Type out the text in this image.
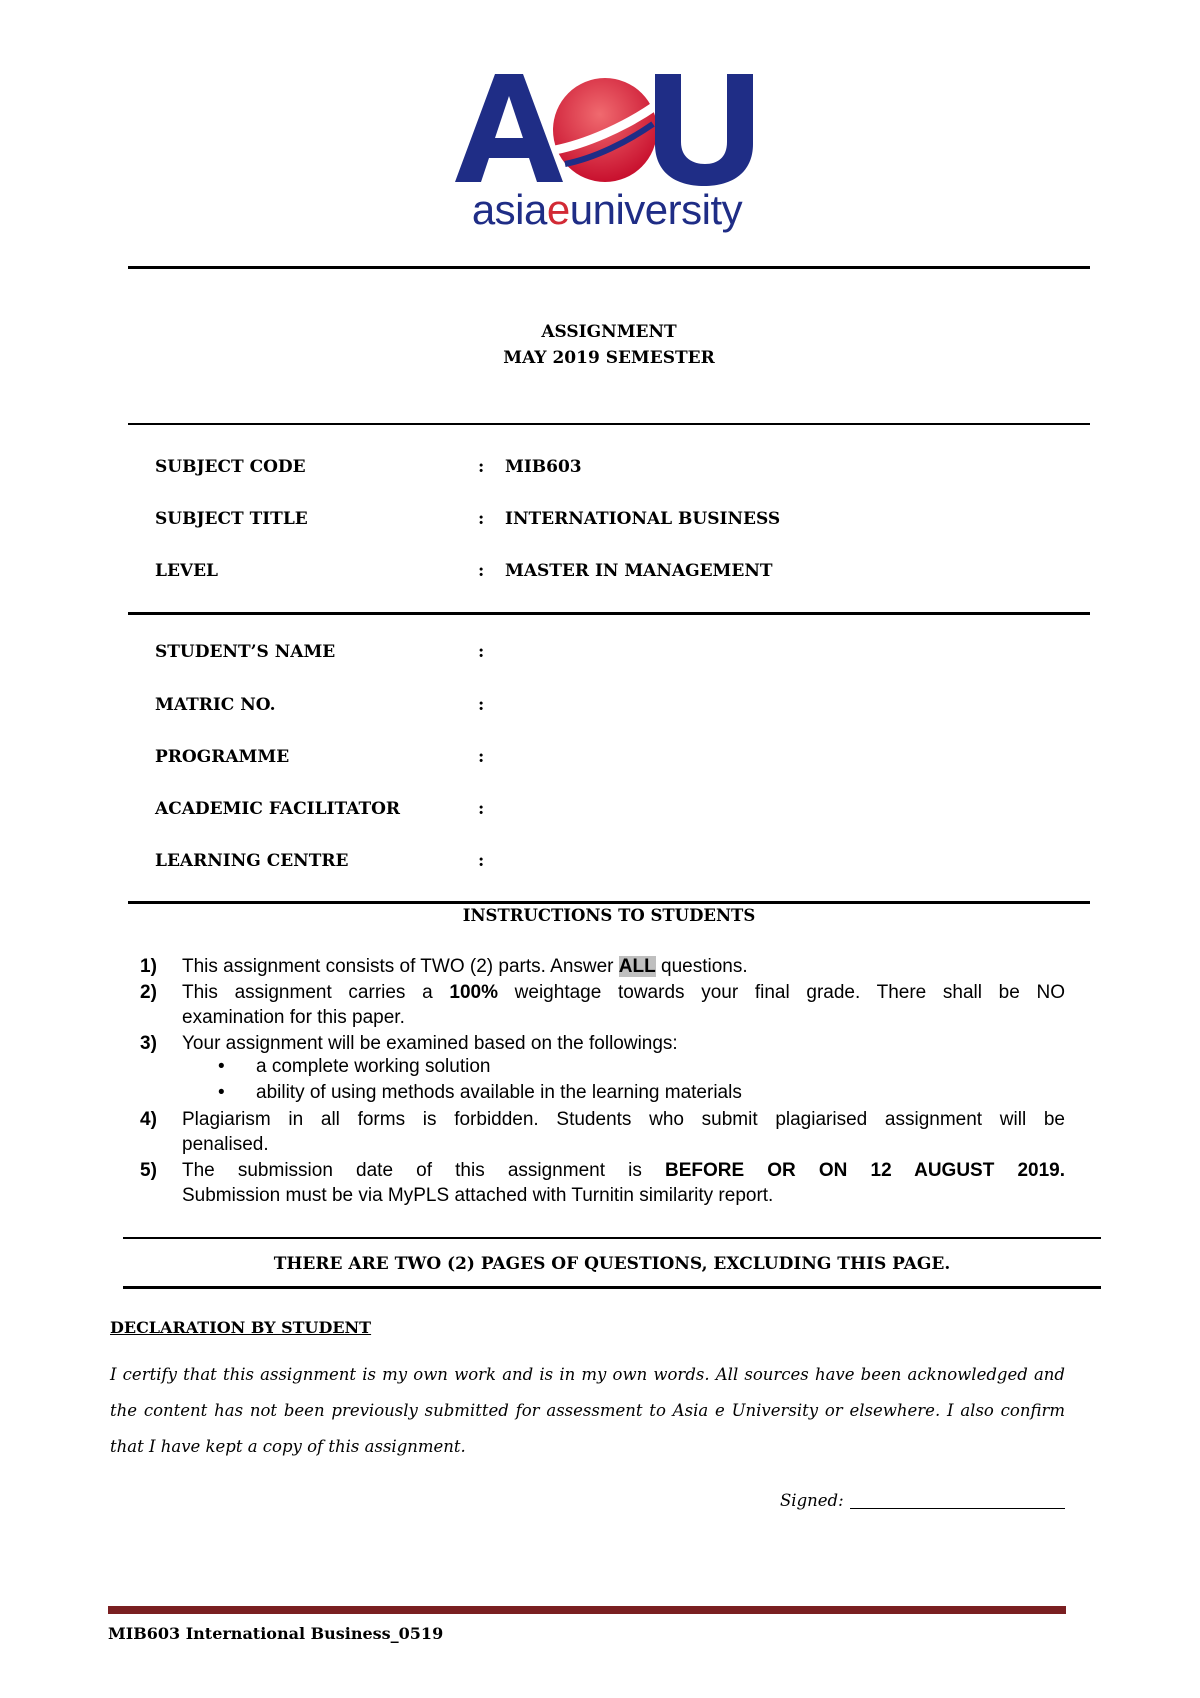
asiaeuniversity
ASSIGNMENT
MAY 2019 SEMESTER
SUBJECT CODE	: MIB603
SUBJECT TITLE	: INTERNATIONAL BUSINESS
LEVEL	: MASTER IN MANAGEMENT
STUDENT’S NAME	:
MATRIC NO.	:
PROGRAMME	:
ACADEMIC FACILITATOR	:
LEARNING CENTRE	:
INSTRUCTIONS TO STUDENTS
1) This assignment consists of TWO (2) parts. Answer ALL questions.
2) This assignment carries a 100% weightage towards your final grade. There shall be NO
examination for this paper.
3) Your assignment will be examined based on the followings:
• a complete working solution
• ability of using methods available in the learning materials
4) Plagiarism in all forms is forbidden. Students who submit plagiarised assignment will be
penalised.
5) The submission date of this assignment is BEFORE OR ON 12 AUGUST 2019.
Submission must be via MyPLS attached with Turnitin similarity report.
THERE ARE TWO (2) PAGES OF QUESTIONS, EXCLUDING THIS PAGE.
DECLARATION BY STUDENT
I certify that this assignment is my own work and is in my own words. All sources have been acknowledged and the content has not been previously submitted for assessment to Asia e University or elsewhere. I also confirm that I have kept a copy of this assignment.
Signed:
MIB603 International Business_0519
